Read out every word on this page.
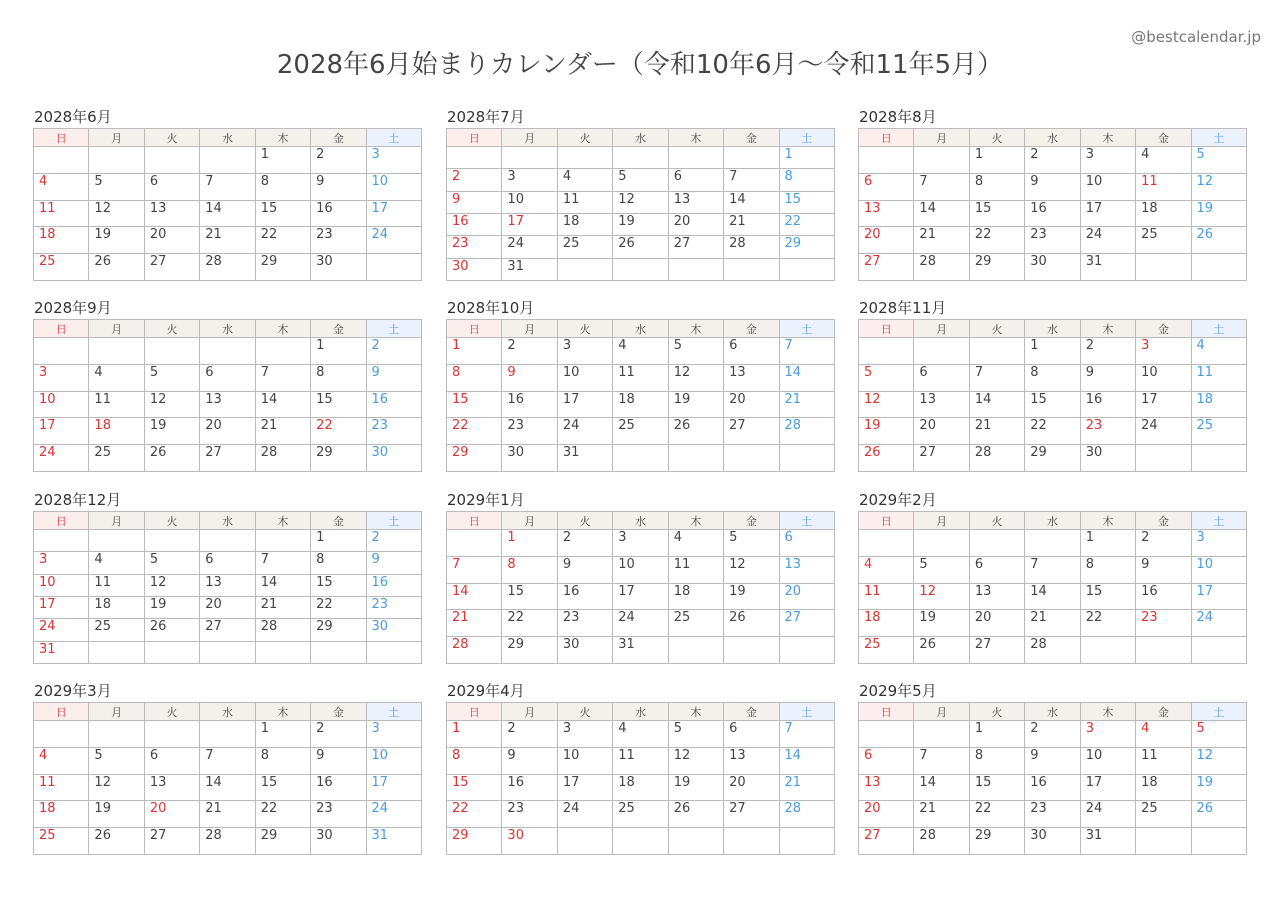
@bestcalendar.jp
2028年6月始まりカレンダー（令和10年6月〜令和11年5月）
2028年6月
日	月	火	水	木	金	土
				1	2	3
4	5	6	7	8	9	10
11	12	13	14	15	16	17
18	19	20	21	22	23	24
25	26	27	28	29	30	
2028年7月
日	月	火	水	木	金	土
						1
2	3	4	5	6	7	8
9	10	11	12	13	14	15
16	17	18	19	20	21	22
23	24	25	26	27	28	29
30	31					
2028年8月
日	月	火	水	木	金	土
		1	2	3	4	5
6	7	8	9	10	11	12
13	14	15	16	17	18	19
20	21	22	23	24	25	26
27	28	29	30	31		
2028年9月
日	月	火	水	木	金	土
					1	2
3	4	5	6	7	8	9
10	11	12	13	14	15	16
17	18	19	20	21	22	23
24	25	26	27	28	29	30
2028年10月
日	月	火	水	木	金	土
1	2	3	4	5	6	7
8	9	10	11	12	13	14
15	16	17	18	19	20	21
22	23	24	25	26	27	28
29	30	31				
2028年11月
日	月	火	水	木	金	土
			1	2	3	4
5	6	7	8	9	10	11
12	13	14	15	16	17	18
19	20	21	22	23	24	25
26	27	28	29	30		
2028年12月
日	月	火	水	木	金	土
					1	2
3	4	5	6	7	8	9
10	11	12	13	14	15	16
17	18	19	20	21	22	23
24	25	26	27	28	29	30
31						
2029年1月
日	月	火	水	木	金	土
	1	2	3	4	5	6
7	8	9	10	11	12	13
14	15	16	17	18	19	20
21	22	23	24	25	26	27
28	29	30	31			
2029年2月
日	月	火	水	木	金	土
				1	2	3
4	5	6	7	8	9	10
11	12	13	14	15	16	17
18	19	20	21	22	23	24
25	26	27	28			
2029年3月
日	月	火	水	木	金	土
				1	2	3
4	5	6	7	8	9	10
11	12	13	14	15	16	17
18	19	20	21	22	23	24
25	26	27	28	29	30	31
2029年4月
日	月	火	水	木	金	土
1	2	3	4	5	6	7
8	9	10	11	12	13	14
15	16	17	18	19	20	21
22	23	24	25	26	27	28
29	30					
2029年5月
日	月	火	水	木	金	土
		1	2	3	4	5
6	7	8	9	10	11	12
13	14	15	16	17	18	19
20	21	22	23	24	25	26
27	28	29	30	31		
